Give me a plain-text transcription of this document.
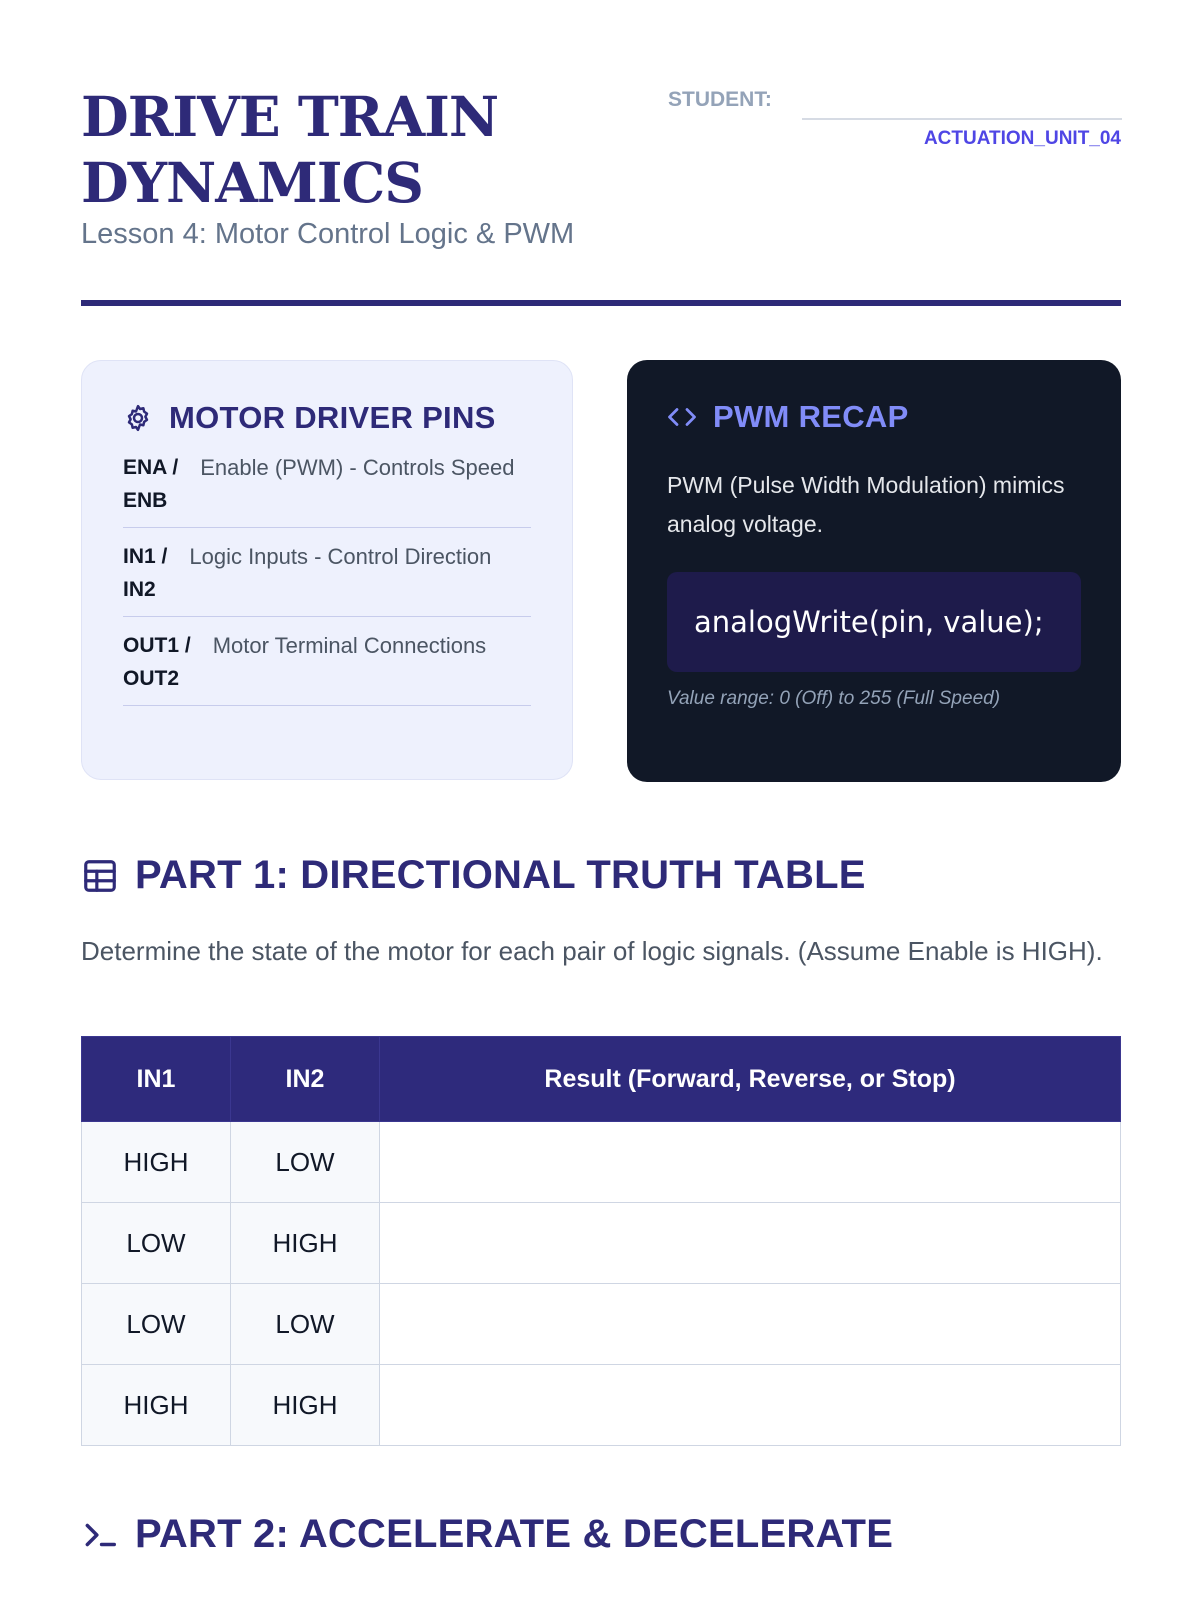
DRIVE TRAIN
DYNAMICS

Lesson 4: Motor Control Logic & PWM

STUDENT:
ACTUATION_UNIT_04
MOTOR DRIVER PINS
ENA /
ENB
Enable (PWM) - Controls Speed
IN1 /
IN2
Logic Inputs - Control Direction
OUT1 /
OUT2
Motor Terminal Connections
PWM RECAP

PWM (Pulse Width Modulation) mimics analog voltage.

analogWrite(pin, value);
Value range: 0 (Off) to 255 (Full Speed)
PART 1: DIRECTIONAL TRUTH TABLE

Determine the state of the motor for each pair of logic signals. (Assume Enable is HIGH).

IN1	IN2	Result (Forward, Reverse, or Stop)
HIGH	LOW	
LOW	HIGH	
LOW	LOW	
HIGH	HIGH	
PART 2: ACCELERATE & DECELERATE
